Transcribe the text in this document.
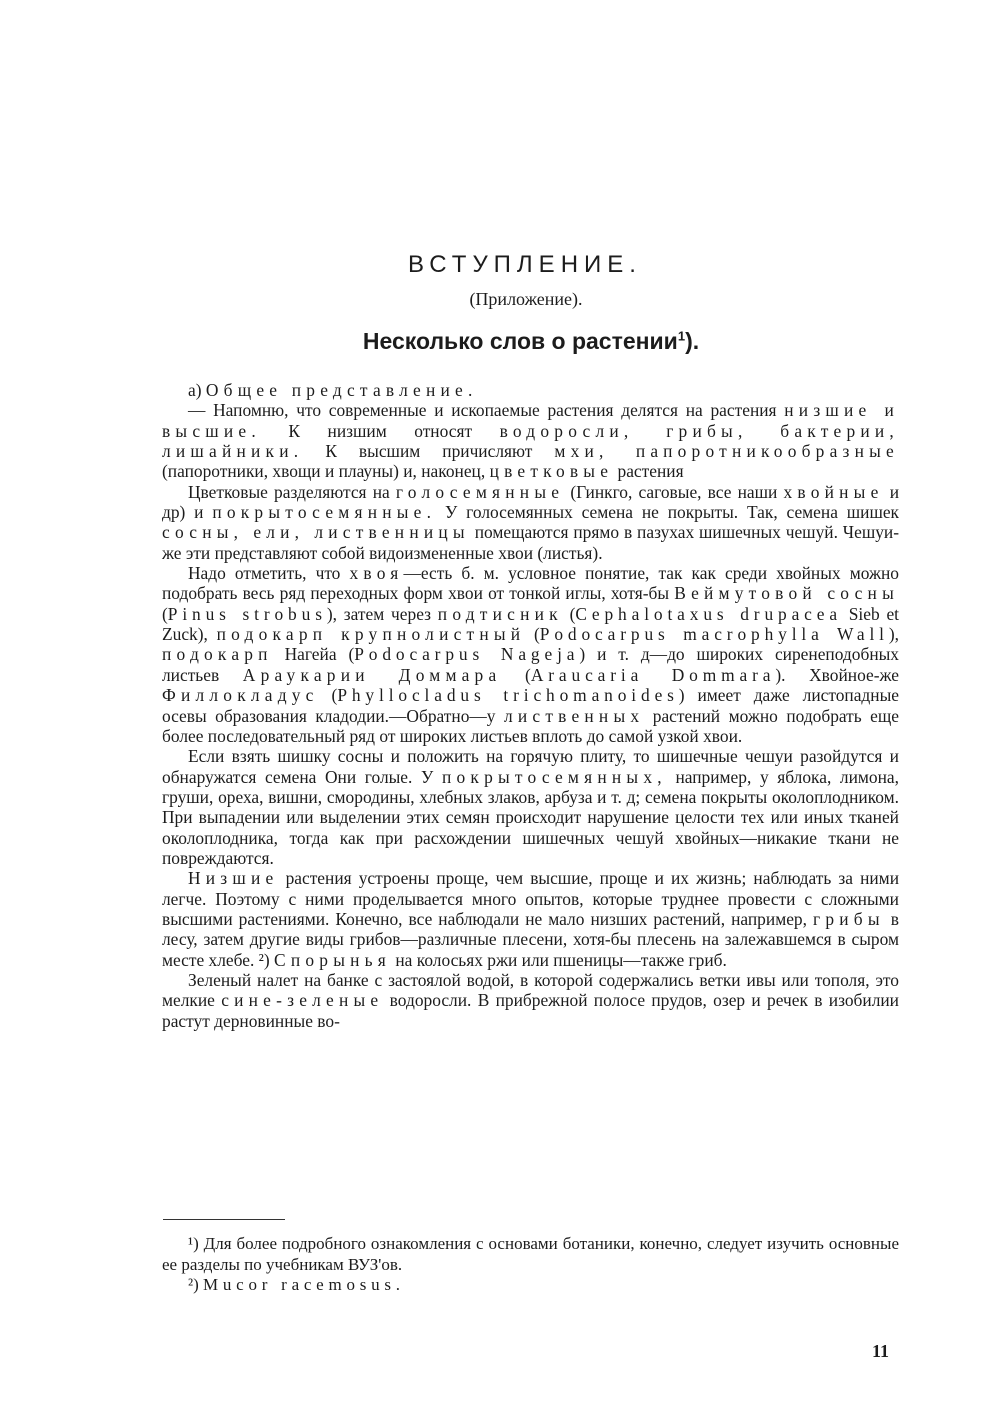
ВСТУПЛЕНИЕ.
(Приложение).
Несколько слов о растении$^1$).

а) Общее представление.

— Напомню, что современные и ископаемые растения делятся на растения низшие и высшие. К низшим относят водоросли, грибы, бактерии, лишайники. К высшим причисляют мхи, папоротникообразные (папоротники, хвощи и плауны) и, наконец, цветковые растения

Цветковые разделяются на голосемянные (Гинкго, саговые, все наши хвойные и др) и покрытосемянные. У голосемянных семена не покрыты. Так, семена шишек сосны, ели, лиственницы помещаются прямо в пазухах шишечных чешуй. Чешуи-же эти представляют собой видоизмененные хвои (листья).

Надо отметить, что хвоя—есть б. м. условное понятие, так как среди хвойных можно подобрать весь ряд переходных форм хвои от тонкой иглы, хотя-бы Веймутовой сосны (Pinus strobus), затем через подтисник (Cephalotaxus drupacea Sieb et Zuck), подокарп крупнолистный (Podocarpus macrophylla Wall), подокарп Нагейа (Podocarpus Nageja) и т. д—до широких сиренеподобных листьев Араукарии Доммара (Araucaria Dommara). Хвойное-же Филлокладус (Phyllocladus trichomanoides) имеет даже листопадные осевы образования кладодии.—Обратно—у лиственных растений можно подобрать еще более последовательный ряд от широких листьев вплоть до самой узкой хвои.

Если взять шишку сосны и положить на горячую плиту, то шишечные чешуи разойдутся и обнаружатся семена Они голые. У покрытосемянных, например, у яблока, лимона, груши, ореха, вишни, смородины, хлебных злаков, арбуза и т. д; семена покрыты околоплодником. При выпадении или выделении этих семян происходит нарушение целости тех или иных тканей околоплодника, тогда как при расхождении шишечных чешуй хвойных—никакие ткани не повреждаются.

Низшие растения устроены проще, чем высшие, проще и их жизнь; наблюдать за ними легче. Поэтому с ними проделывается много опытов, которые труднее провести с сложными высшими растениями. Конечно, все наблюдали не мало низших растений, например, грибы в лесу, затем другие виды грибов—различные плесени, хотя-бы плесень на залежавшемся в сыром месте хлебе. ²) Спорынья на колосьях ржи или пшеницы—также гриб.

Зеленый налет на банке с застоялой водой, в которой содержались ветки ивы или тополя, это мелкие сине-зеленые водоросли. В прибрежной полосе прудов, озер и речек в изобилии растут дерновинные во-

¹) Для более подробного ознакомления с основами ботаники, конечно, следует изучить основные ее разделы по учебникам ВУЗ'ов.

²) Mucor racemosus.

11
